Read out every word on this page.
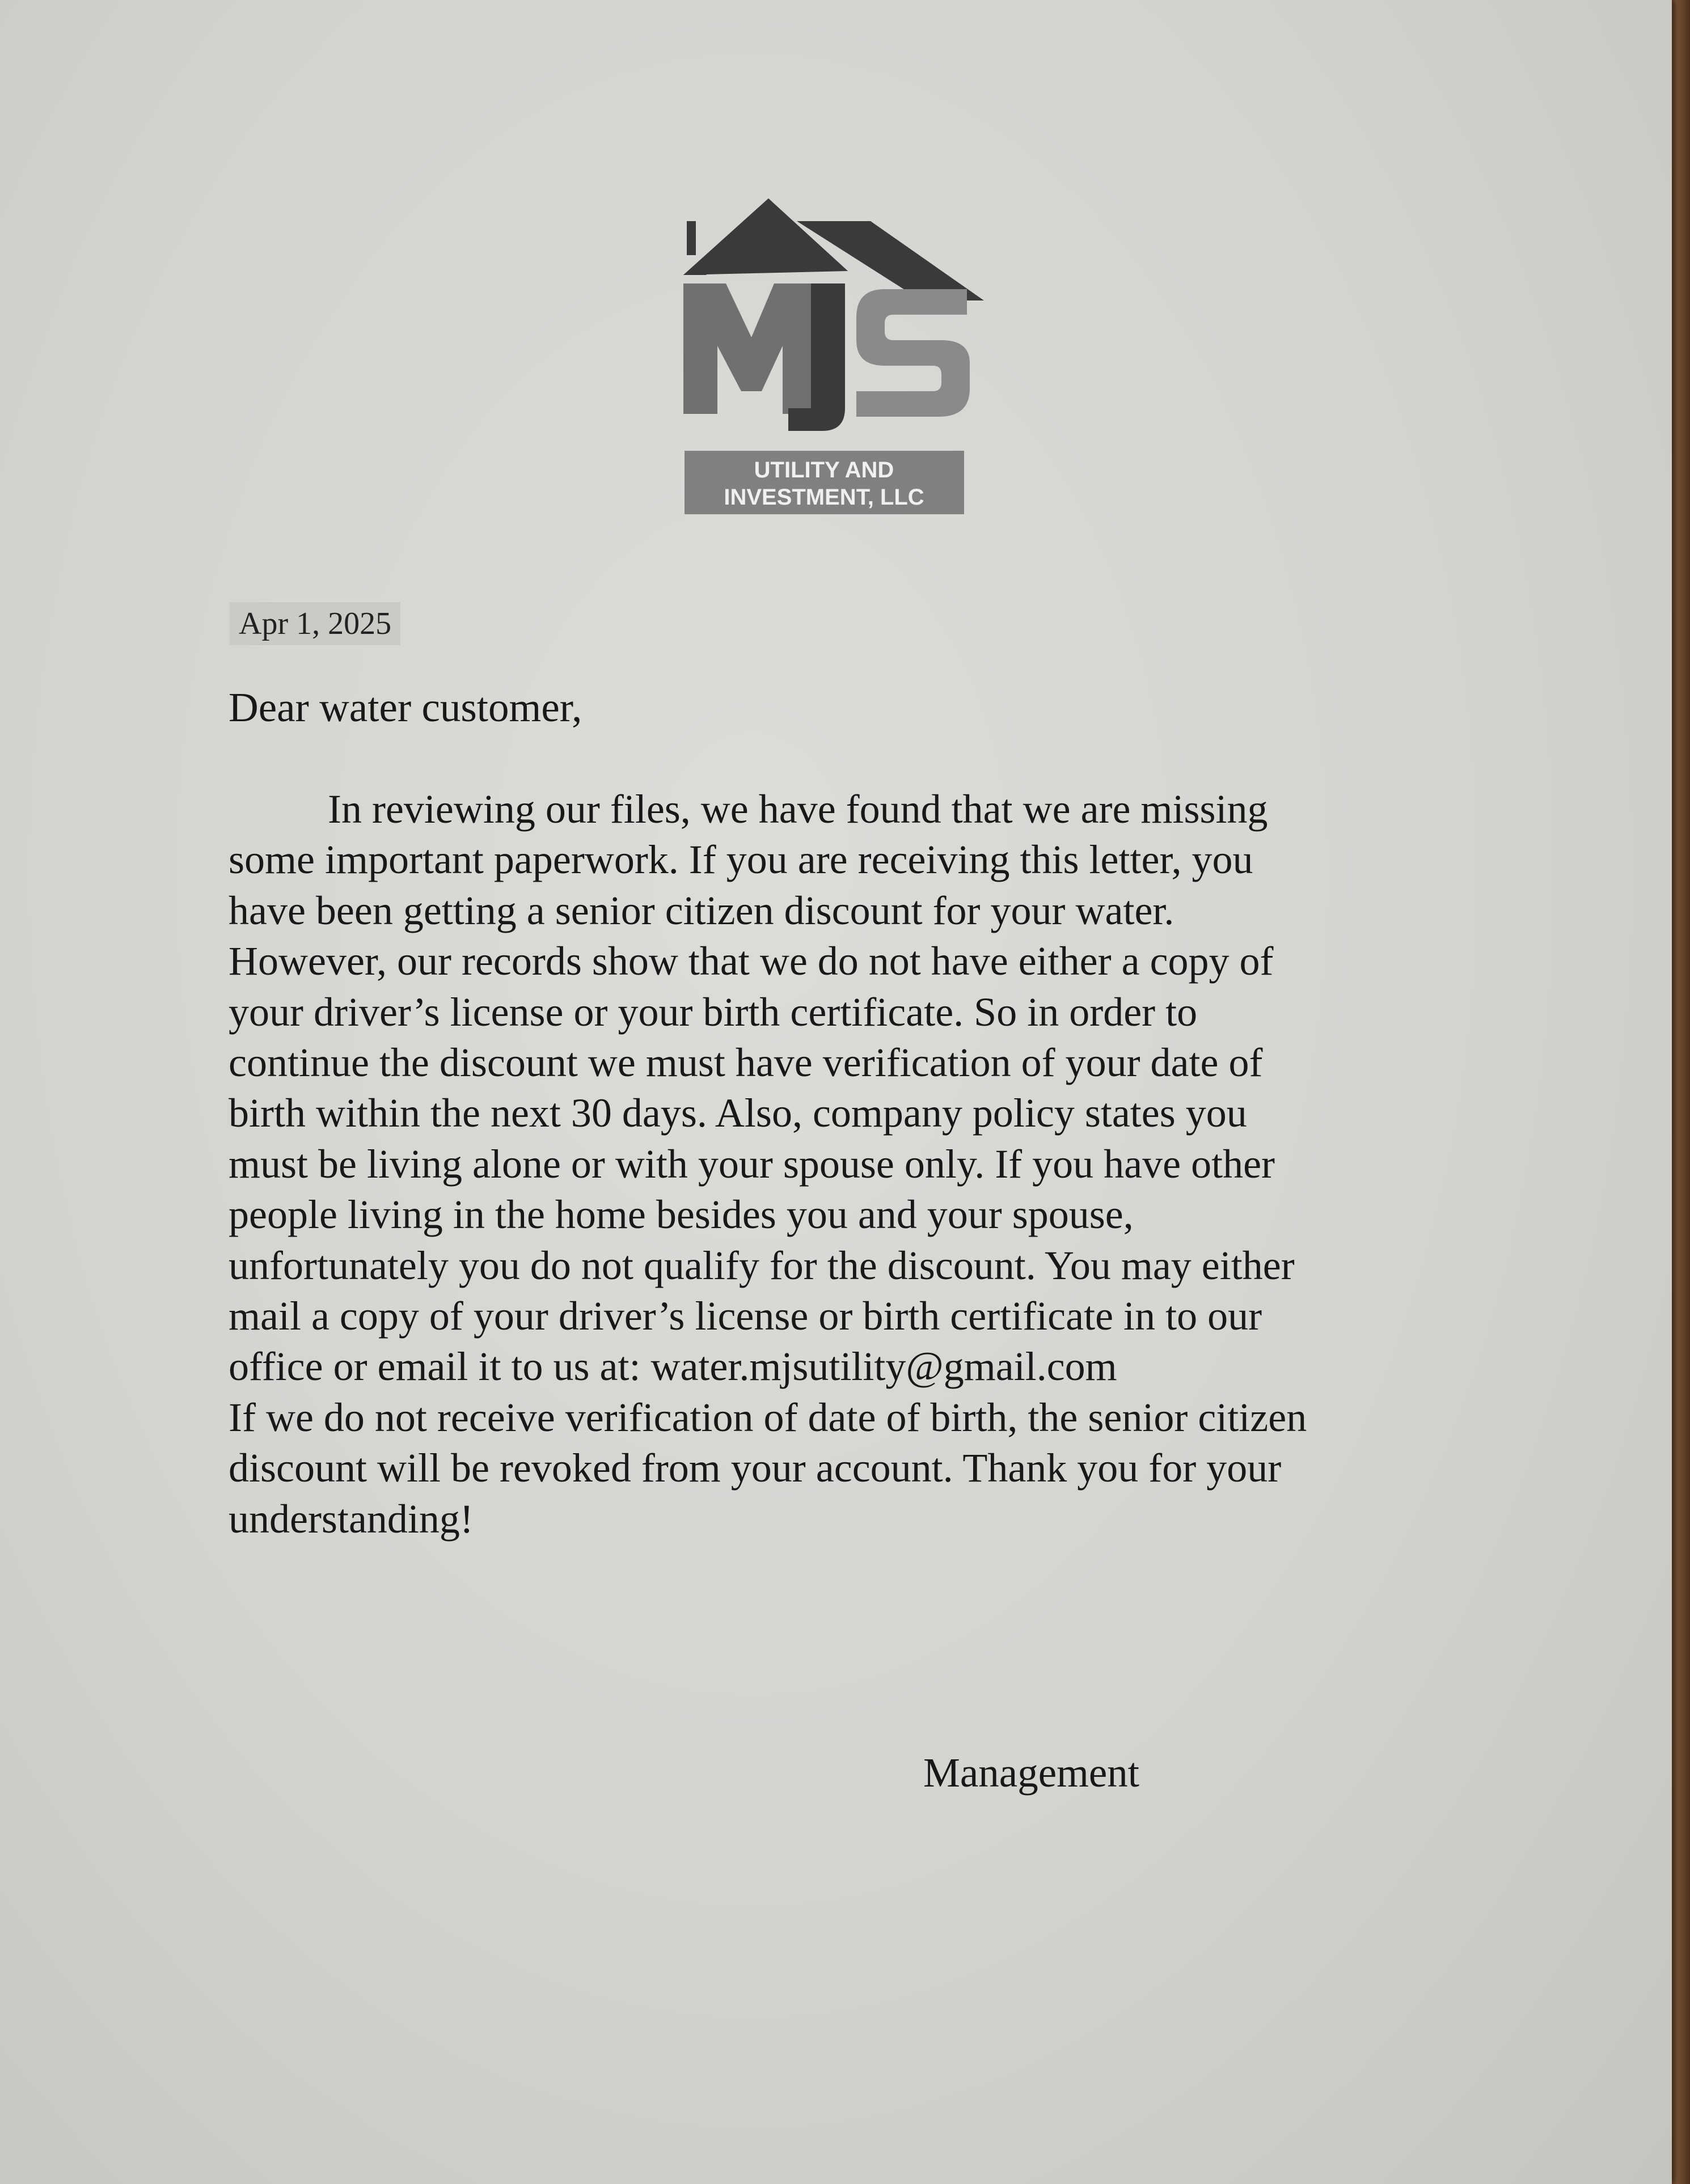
UTILITY AND
INVESTMENT, LLC
Apr 1, 2025
Dear water customer,
In reviewing our files, we have found that we are missing
some important paperwork. If you are receiving this letter, you
have been getting a senior citizen discount for your water.
However, our records show that we do not have either a copy of
your driver’s license or your birth certificate. So in order to
continue the discount we must have verification of your date of
birth within the next 30 days. Also, company policy states you
must be living alone or with your spouse only. If you have other
people living in the home besides you and your spouse,
unfortunately you do not qualify for the discount. You may either
mail a copy of your driver’s license or birth certificate in to our
office or email it to us at: water.mjsutility@gmail.com
If we do not receive verification of date of birth, the senior citizen
discount will be revoked from your account. Thank you for your
understanding!
Management
